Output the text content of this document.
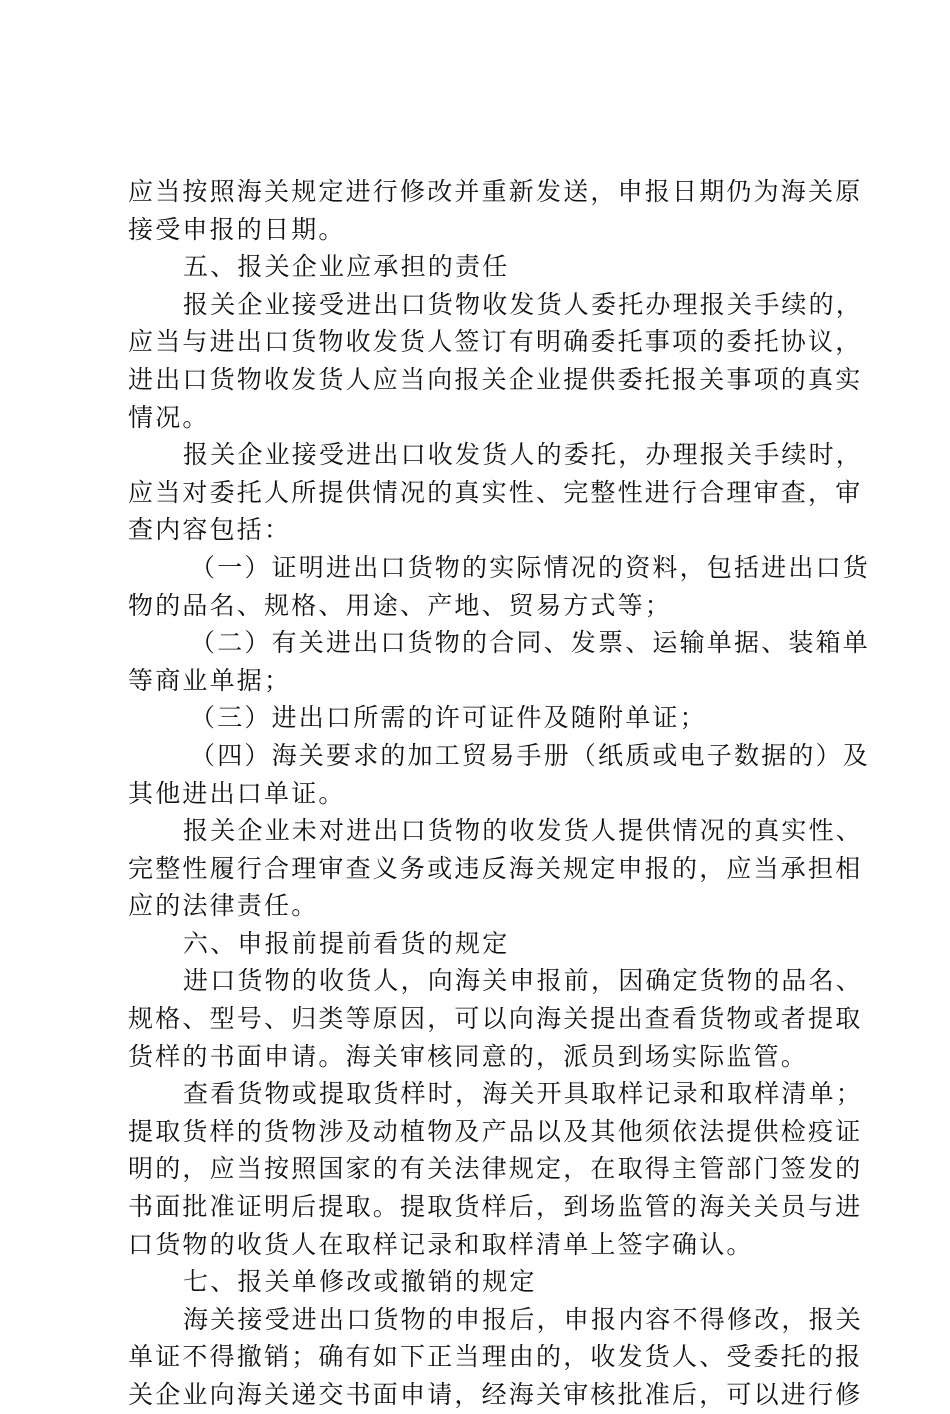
应当按照海关规定进行修改并重新发送，申报日期仍为海关原
接受申报的日期。
五、报关企业应承担的责任
报关企业接受进出口货物收发货人委托办理报关手续的，
应当与进出口货物收发货人签订有明确委托事项的委托协议，
进出口货物收发货人应当向报关企业提供委托报关事项的真实
情况。
报关企业接受进出口收发货人的委托，办理报关手续时，
应当对委托人所提供情况的真实性、完整性进行合理审查，审
查内容包括：
（一）证明进出口货物的实际情况的资料，包括进出口货
物的品名、规格、用途、产地、贸易方式等；
（二）有关进出口货物的合同、发票、运输单据、装箱单
等商业单据；
（三）进出口所需的许可证件及随附单证；
（四）海关要求的加工贸易手册（纸质或电子数据的）及
其他进出口单证。
报关企业未对进出口货物的收发货人提供情况的真实性、
完整性履行合理审查义务或违反海关规定申报的，应当承担相
应的法律责任。
六、申报前提前看货的规定
进口货物的收货人，向海关申报前，因确定货物的品名、
规格、型号、归类等原因，可以向海关提出查看货物或者提取
货样的书面申请。海关审核同意的，派员到场实际监管。
查看货物或提取货样时，海关开具取样记录和取样清单；
提取货样的货物涉及动植物及产品以及其他须依法提供检疫证
明的，应当按照国家的有关法律规定，在取得主管部门签发的
书面批准证明后提取。提取货样后，到场监管的海关关员与进
口货物的收货人在取样记录和取样清单上签字确认。
七、报关单修改或撤销的规定
海关接受进出口货物的申报后，申报内容不得修改，报关
单证不得撤销；确有如下正当理由的，收发货人、受委托的报
关企业向海关递交书面申请，经海关审核批准后，可以进行修
